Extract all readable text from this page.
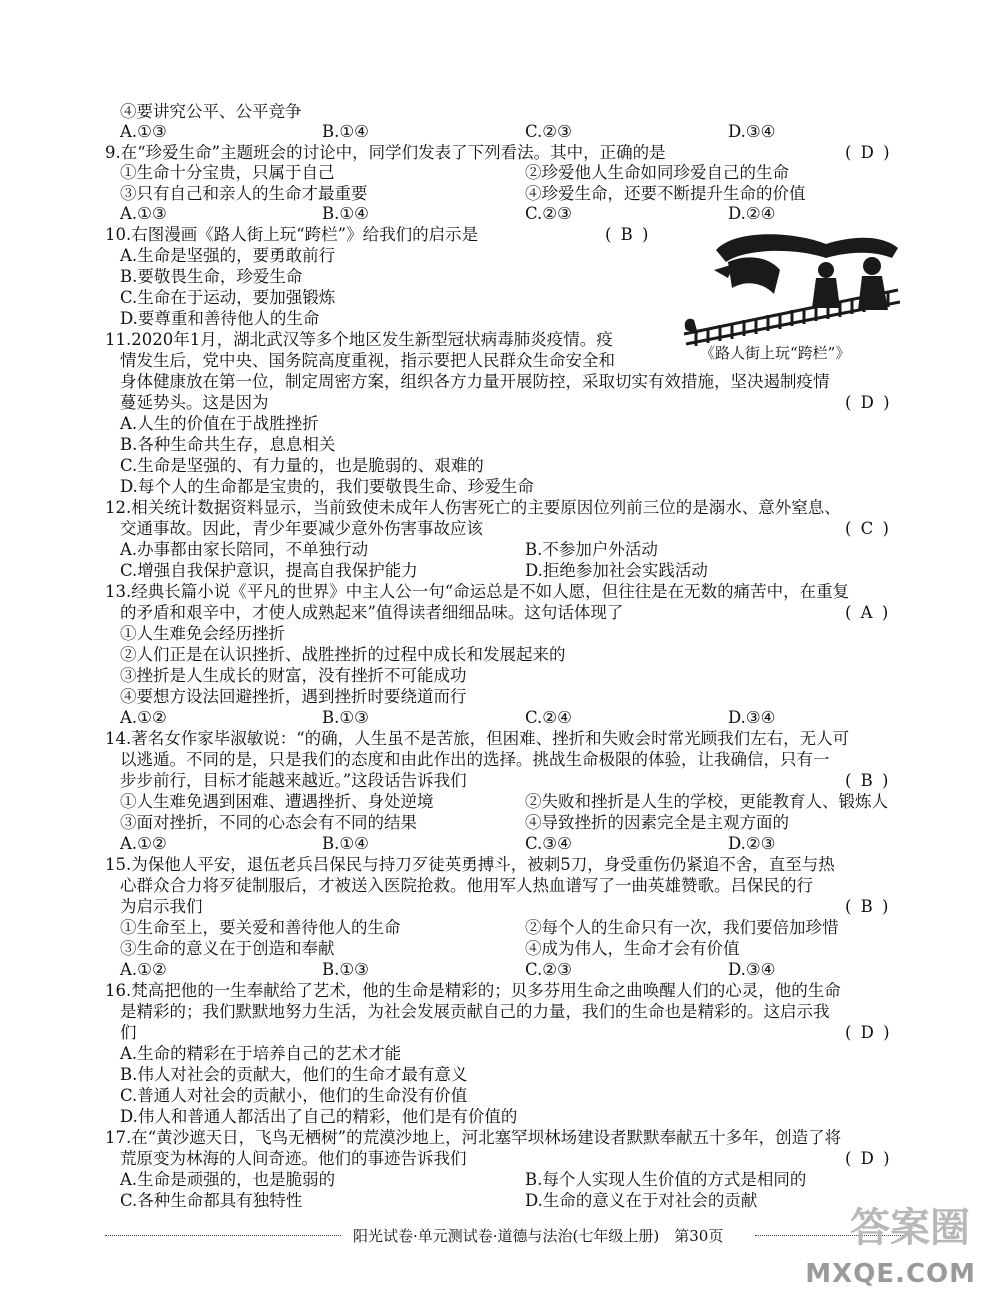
④要讲究公平、公平竞争
A.①③	B.①④	C.②③	D.③④
9.在“珍爱生命”主题班会的讨论中，同学们发表了下列看法。其中，正确的是	( D )
①生命十分宝贵，只属于自己	②珍爱他人生命如同珍爱自己的生命
③只有自己和亲人的生命才最重要	④珍爱生命，还要不断提升生命的价值
A.①③	B.①④	C.②③	D.②④
10.右图漫画《路人街上玩“跨栏”》给我们的启示是	( B )
A.生命是坚强的，要勇敢前行
B.要敬畏生命，珍爱生命
C.生命在于运动，要加强锻炼
D.要尊重和善待他人的生命
《路人街上玩“跨栏”》
11.2020年1月，湖北武汉等多个地区发生新型冠状病毒肺炎疫情。疫
情发生后，党中央、国务院高度重视，指示要把人民群众生命安全和
身体健康放在第一位，制定周密方案，组织各方力量开展防控，采取切实有效措施，坚决遏制疫情
蔓延势头。这是因为	( D )
A.人生的价值在于战胜挫折
B.各种生命共生存，息息相关
C.生命是坚强的、有力量的，也是脆弱的、艰难的
D.每个人的生命都是宝贵的，我们要敬畏生命、珍爱生命
12.相关统计数据资料显示，当前致使未成年人伤害死亡的主要原因位列前三位的是溺水、意外窒息、
交通事故。因此，青少年要减少意外伤害事故应该	( C )
A.办事都由家长陪同，不单独行动	B.不参加户外活动
C.增强自我保护意识，提高自我保护能力	D.拒绝参加社会实践活动
13.经典长篇小说《平凡的世界》中主人公一句“命运总是不如人愿，但往往是在无数的痛苦中，在重复
的矛盾和艰辛中，才使人成熟起来”值得读者细细品味。这句话体现了	( A )
①人生难免会经历挫折
②人们正是在认识挫折、战胜挫折的过程中成长和发展起来的
③挫折是人生成长的财富，没有挫折不可能成功
④要想方设法回避挫折，遇到挫折时要绕道而行
A.①②	B.①③	C.②④	D.③④
14.著名女作家毕淑敏说：“的确，人生虽不是苦旅，但困难、挫折和失败会时常光顾我们左右，无人可
以逃遁。不同的是，只是我们的态度和由此作出的选择。挑战生命极限的体验，让我确信，只有一
步步前行，目标才能越来越近。”这段话告诉我们	( B )
①人生难免遇到困难、遭遇挫折、身处逆境	②失败和挫折是人生的学校，更能教育人、锻炼人
③面对挫折，不同的心态会有不同的结果	④导致挫折的因素完全是主观方面的
A.①②	B.①④	C.③④	D.②③
15.为保他人平安，退伍老兵吕保民与持刀歹徒英勇搏斗，被刺5刀，身受重伤仍紧追不舍，直至与热
心群众合力将歹徒制服后，才被送入医院抢救。他用军人热血谱写了一曲英雄赞歌。吕保民的行
为启示我们	( B )
①生命至上，要关爱和善待他人的生命	②每个人的生命只有一次，我们要倍加珍惜
③生命的意义在于创造和奉献	④成为伟人，生命才会有价值
A.①②	B.①③	C.②③	D.③④
16.梵高把他的一生奉献给了艺术，他的生命是精彩的；贝多芬用生命之曲唤醒人们的心灵，他的生命
是精彩的；我们默默地努力生活，为社会发展贡献自己的力量，我们的生命也是精彩的。这启示我
们	( D )
A.生命的精彩在于培养自己的艺术才能
B.伟人对社会的贡献大，他们的生命才最有意义
C.普通人对社会的贡献小，他们的生命没有价值
D.伟人和普通人都活出了自己的精彩，他们是有价值的
17.在“黄沙遮天日，飞鸟无栖树”的荒漠沙地上，河北塞罕坝林场建设者默默奉献五十多年，创造了将
荒原变为林海的人间奇迹。他们的事迹告诉我们	( D )
A.生命是顽强的，也是脆弱的	B.每个人实现人生价值的方式是相同的
C.各种生命都具有独特性	D.生命的意义在于对社会的贡献
阳光试卷·单元测试卷·道德与法治(七年级上册)　第30页	答案圈
MXQE.COM
